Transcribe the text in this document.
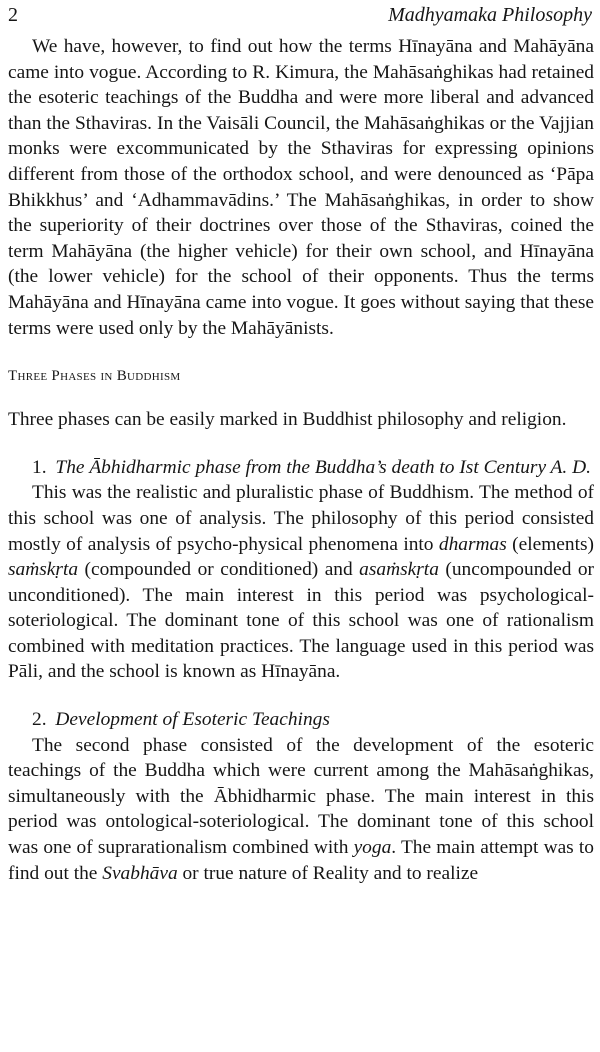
2	Madhyamaka Philosophy

We have, however, to find out how the terms Hīnayāna and Mahāyāna came into vogue. According to R. Kimura, the Mahāsaṅghikas had retained the esoteric teachings of the Buddha and were more liberal and advanced than the Sthaviras. In the Vaisāli Council, the Mahāsaṅghikas or the Vajjian monks were excommunicated by the Sthaviras for expressing opinions different from those of the orthodox school, and were denounced as ‘Pāpa Bhikkhus’ and ‘Adhammavādins.’ The Mahāsaṅghikas, in order to show the superiority of their doctrines over those of the Sthaviras, coined the term Mahāyāna (the higher vehicle) for their own school, and Hīnayāna (the lower vehicle) for the school of their opponents. Thus the terms Mahāyāna and Hīnayāna came into vogue. It goes without saying that these terms were used only by the Mahāyānists.

Three Phases in Buddhism

Three phases can be easily marked in Buddhist philosophy and religion.

1. The Ābhidharmic phase from the Buddha’s death to Ist Century A. D.

This was the realistic and pluralistic phase of Buddhism. The method of this school was one of analysis. The philosophy of this period consisted mostly of analysis of psycho-physical phenomena into dharmas (elements) saṁskṛta (compounded or conditioned) and asaṁskṛta (uncompounded or unconditioned). The main interest in this period was psychological-soteriological. The dominant tone of this school was one of rationalism combined with meditation practices. The language used in this period was Pāli, and the school is known as Hīnayāna.

2. Development of Esoteric Teachings

The second phase consisted of the development of the esoteric teachings of the Buddha which were current among the Mahāsaṅghikas, simultaneously with the Ābhidharmic phase. The main interest in this period was ontological-soteriological. The dominant tone of this school was one of suprarationalism combined with yoga. The main attempt was to find out the Svabhāva or true nature of Reality and to realize
